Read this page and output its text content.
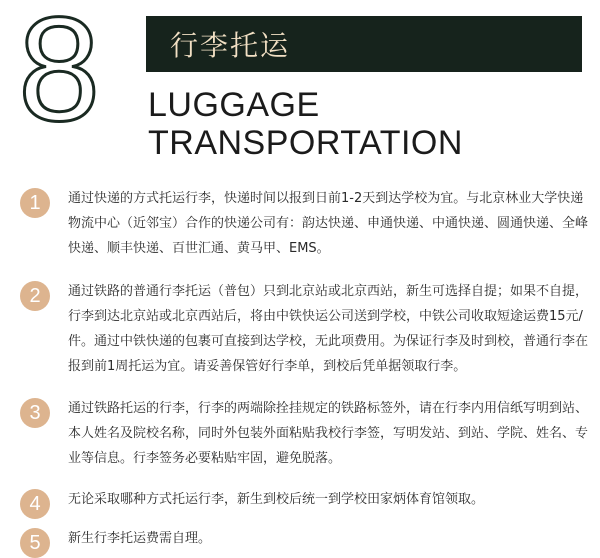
8 行李托运
LUGGAGE
TRANSPORTATION
1	通过快递的方式托运行李，快递时间以报到日前1-2天到达学校为宜。与北京林业大学快递物流中心（近邻宝）合作的快递公司有：韵达快递、申通快递、中通快递、圆通快递、全峰快递、顺丰快递、百世汇通、黄马甲、EMS。
2	通过铁路的普通行李托运（普包）只到北京站或北京西站，新生可选择自提；如果不自提，行李到达北京站或北京西站后，将由中铁快运公司送到学校，中铁公司收取短途运费15元/件。通过中铁快递的包裹可直接到达学校，无此项费用。为保证行李及时到校，普通行李在报到前1周托运为宜。请妥善保管好行李单，到校后凭单据领取行李。
3	通过铁路托运的行李，行李的两端除拴挂规定的铁路标签外，请在行李内用信纸写明到站、本人姓名及院校名称，同时外包装外面粘贴我校行李签，写明发站、到站、学院、姓名、专业等信息。行李签务必要粘贴牢固，避免脱落。
4	无论采取哪种方式托运行李，新生到校后统一到学校田家炳体育馆领取。
5	新生行李托运费需自理。
